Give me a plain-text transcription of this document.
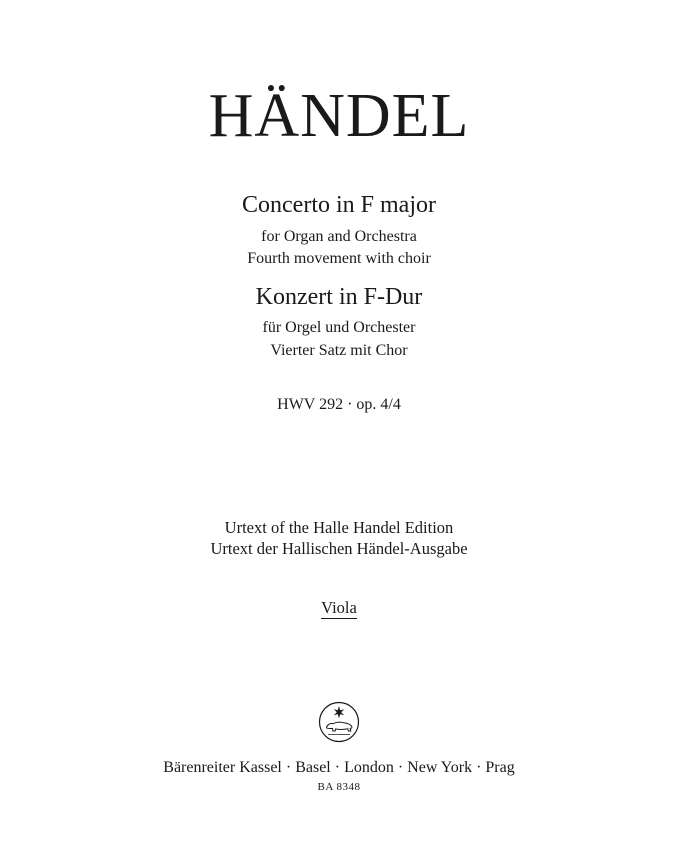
HÄNDEL
Concerto in F major
for Organ and Orchestra
Fourth movement with choir
Konzert in F-Dur
für Orgel und Orchester
Vierter Satz mit Chor
HWV 292 · op. 4/4
Urtext of the Halle Handel Edition
Urtext der Hallischen Händel-Ausgabe
Viola
Bärenreiter Kassel · Basel · London · New York · Prag
BA 8348
